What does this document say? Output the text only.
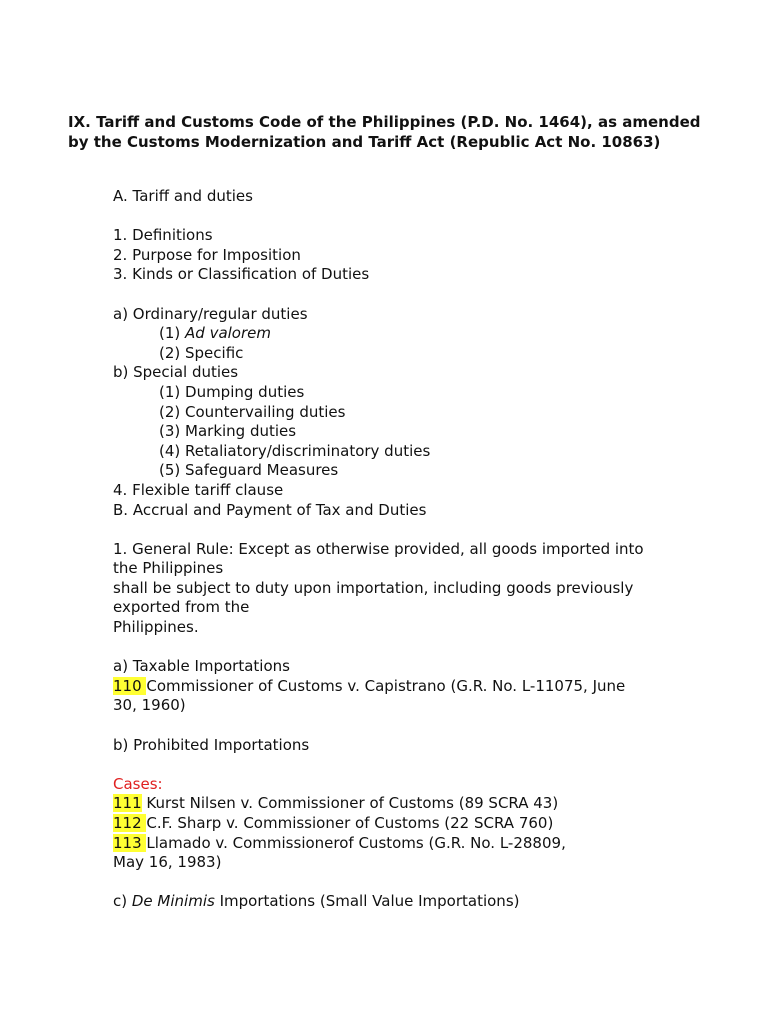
IX. Tariff and Customs Code of the Philippines (P.D. No. 1464), as amended by the Customs Modernization and Tariff Act (Republic Act No. 10863)

A. Tariff and duties
1. Definitions
2. Purpose for Imposition
3. Kinds or Classification of Duties
a) Ordinary/regular duties
(1) Ad valorem
(2) Specific
b) Special duties
(1) Dumping duties
(2) Countervailing duties
(3) Marking duties
(4) Retaliatory/discriminatory duties
(5) Safeguard Measures
4. Flexible tariff clause
B. Accrual and Payment of Tax and Duties
1. General Rule: Except as otherwise provided, all goods imported into
the Philippines
shall be subject to duty upon importation, including goods previously
exported from the
Philippines.
a) Taxable Importations
110 Commissioner of Customs v. Capistrano (G.R. No. L-11075, June
30, 1960)
b) Prohibited Importations
Cases:
111 Kurst Nilsen v. Commissioner of Customs (89 SCRA 43)
112 C.F. Sharp v. Commissioner of Customs (22 SCRA 760)
113 Llamado v. Commissionerof Customs (G.R. No. L-28809,
May 16, 1983)
c) De Minimis Importations (Small Value Importations)
